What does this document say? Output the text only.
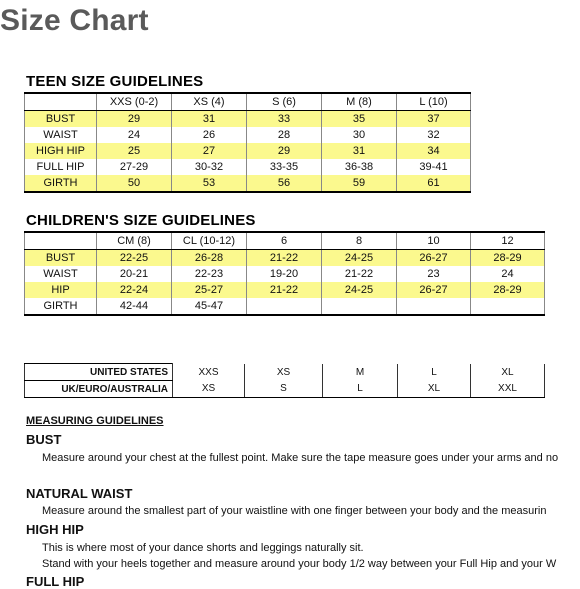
Size Chart
TEEN SIZE GUIDELINES
	XXS (0-2)	XS (4)	S (6)	M (8)	L (10)
BUST	29	31	33	35	37
WAIST	24	26	28	30	32
HIGH HIP	25	27	29	31	34
FULL HIP	27-29	30-32	33-35	36-38	39-41
GIRTH	50	53	56	59	61
CHILDREN'S SIZE GUIDELINES
	CM (8)	CL (10-12)	6	8	10	12
BUST	22-25	26-28	21-22	24-25	26-27	28-29
WAIST	20-21	22-23	19-20	21-22	23	24
HIP	22-24	25-27	21-22	24-25	26-27	28-29
GIRTH	42-44	45-47				
UNITED STATES	XXS	XS	M	L	XL
UK/EURO/AUSTRALIA	XS	S	L	XL	XXL
MEASURING GUIDELINES
BUST
Measure around your chest at the fullest point. Make sure the tape measure goes under your arms and no
NATURAL WAIST
Measure around the smallest part of your waistline with one finger between your body and the measurin
HIGH HIP
This is where most of your dance shorts and leggings naturally sit.
Stand with your heels together and measure around your body 1/2 way between your Full Hip and your W
FULL HIP
